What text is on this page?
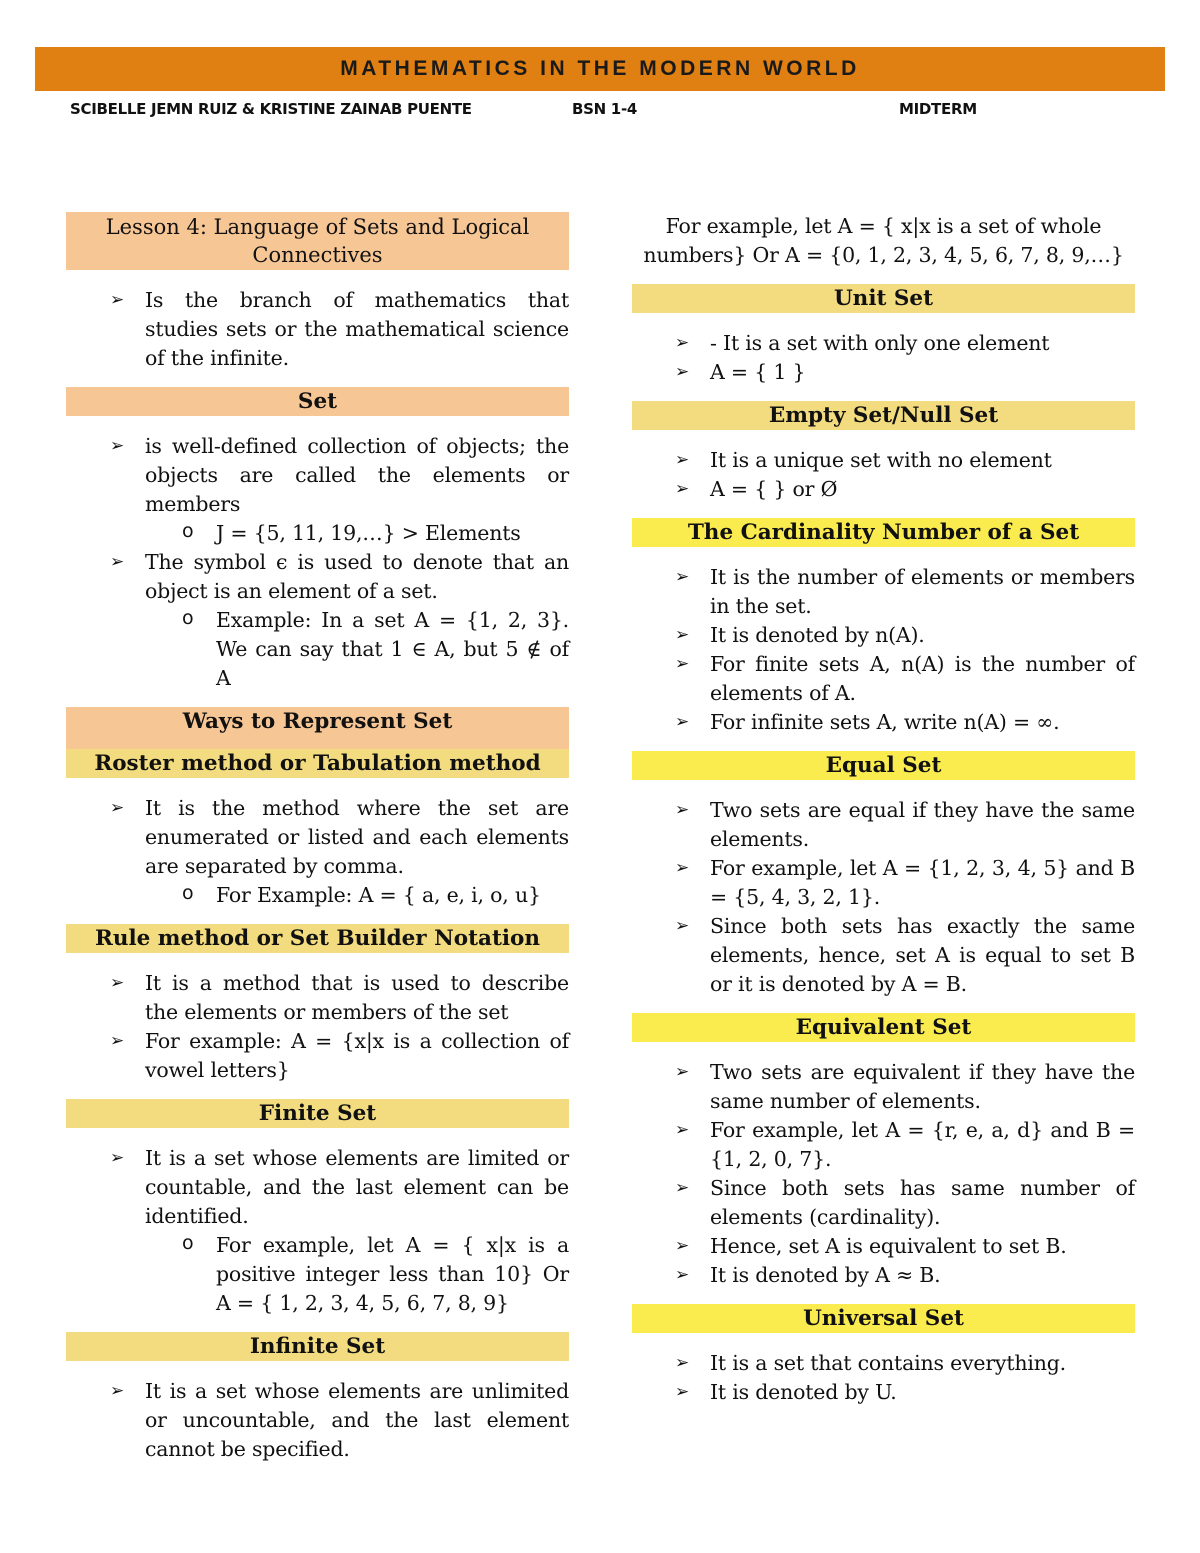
MATHEMATICS IN THE MODERN WORLD
SCIBELLE JEMN RUIZ & KRISTINE ZAINAB PUENTE	BSN 1-4	MIDTERM
Lesson 4: Language of Sets and Logical Connectives
➢ Is the branch of mathematics that studies sets or the mathematical science of the infinite.
Set
➢ is well-defined collection of objects; the objects are called the elements or members
o J = {5, 11, 19,…} > Elements
➢ The symbol ϵ is used to denote that an object is an element of a set.
o Example: In a set A = {1, 2, 3}. We can say that 1 ∈ A, but 5 ∉ of A
Ways to Represent Set
Roster method or Tabulation method
➢ It is the method where the set are enumerated or listed and each elements are separated by comma.
o For Example: A = { a, e, i, o, u}
Rule method or Set Builder Notation
➢ It is a method that is used to describe the elements or members of the set
➢ For example: A = {x|x is a collection of vowel letters}
Finite Set
➢ It is a set whose elements are limited or countable, and the last element can be identified.
o For example, let A = { x|x is a positive integer less than 10} Or A = { 1, 2, 3, 4, 5, 6, 7, 8, 9}
Infinite Set
➢ It is a set whose elements are unlimited or uncountable, and the last element cannot be specified.
For example, let A = { x|x is a set of whole numbers} Or A = {0, 1, 2, 3, 4, 5, 6, 7, 8, 9,…}
Unit Set
➢ - It is a set with only one element
➢ A = { 1 }
Empty Set/Null Set
➢ It is a unique set with no element
➢ A = { } or Ø
The Cardinality Number of a Set
➢ It is the number of elements or members in the set.
➢ It is denoted by n(A).
➢ For finite sets A, n(A) is the number of elements of A.
➢ For infinite sets A, write n(A) = ∞.
Equal Set
➢ Two sets are equal if they have the same elements.
➢ For example, let A = {1, 2, 3, 4, 5} and B = {5, 4, 3, 2, 1}.
➢ Since both sets has exactly the same elements, hence, set A is equal to set B or it is denoted by A = B.
Equivalent Set
➢ Two sets are equivalent if they have the same number of elements.
➢ For example, let A = {r, e, a, d} and B = {1, 2, 0, 7}.
➢ Since both sets has same number of elements (cardinality).
➢ Hence, set A is equivalent to set B.
➢ It is denoted by A ≈ B.
Universal Set
➢ It is a set that contains everything.
➢ It is denoted by U.
